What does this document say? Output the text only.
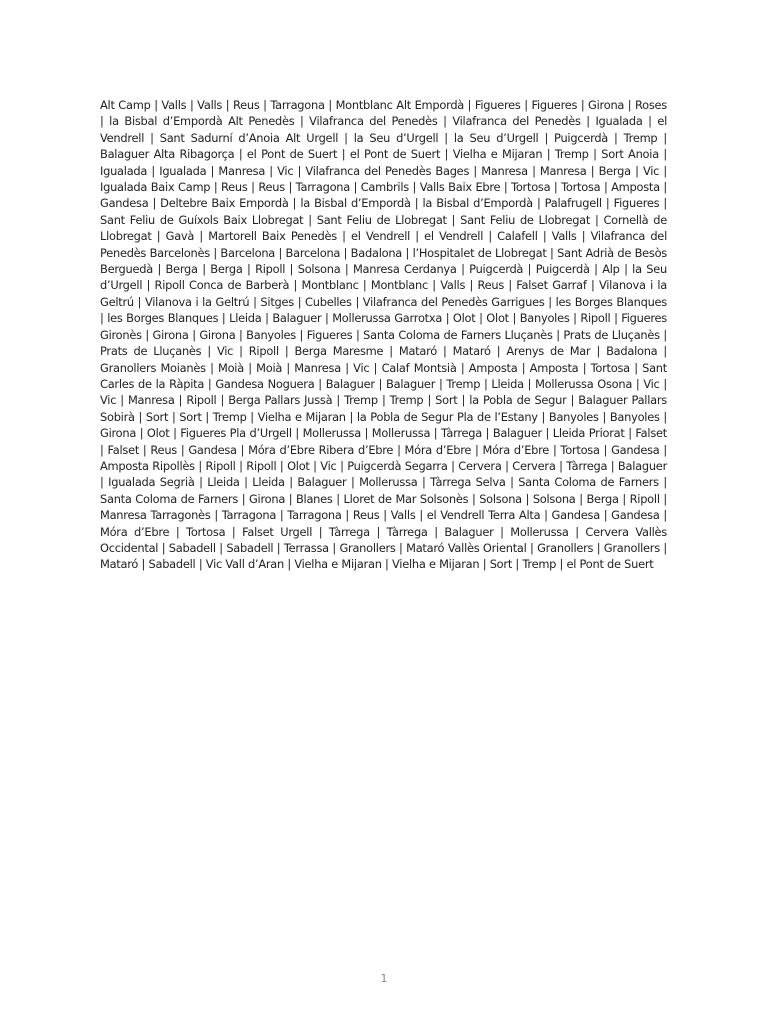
Alt Camp | Valls | Valls | Reus | Tarragona | Montblanc Alt Empordà | Figueres | Figueres | Girona | Roses | la Bisbal d’Empordà Alt Penedès | Vilafranca del Penedès | Vilafranca del Penedès | Igualada | el Vendrell | Sant Sadurní d’Anoia Alt Urgell | la Seu d’Urgell | la Seu d’Urgell | Puigcerdà | Tremp | Balaguer Alta Ribagorça | el Pont de Suert | el Pont de Suert | Vielha e Mijaran | Tremp | Sort Anoia | Igualada | Igualada | Manresa | Vic | Vilafranca del Penedès Bages | Manresa | Manresa | Berga | Vic | Igualada Baix Camp | Reus | Reus | Tarragona | Cambrils | Valls Baix Ebre | Tortosa | Tortosa | Amposta | Gandesa | Deltebre Baix Empordà | la Bisbal d’Empordà | la Bisbal d’Empordà | Palafrugell | Figueres | Sant Feliu de Guíxols Baix Llobregat | Sant Feliu de Llobregat | Sant Feliu de Llobregat | Cornellà de Llobregat | Gavà | Martorell Baix Penedès | el Vendrell | el Vendrell | Calafell | Valls | Vilafranca del Penedès Barcelonès | Barcelona | Barcelona | Badalona | l’Hospitalet de Llobregat | Sant Adrià de Besòs Berguedà | Berga | Berga | Ripoll | Solsona | Manresa Cerdanya | Puigcerdà | Puigcerdà | Alp | la Seu d’Urgell | Ripoll Conca de Barberà | Montblanc | Montblanc | Valls | Reus | Falset Garraf | Vilanova i la Geltrú | Vilanova i la Geltrú | Sitges | Cubelles | Vilafranca del Penedès Garrigues | les Borges Blanques | les Borges Blanques | Lleida | Balaguer | Mollerussa Garrotxa | Olot | Olot | Banyoles | Ripoll | Figueres Gironès | Girona | Girona | Banyoles | Figueres | Santa Coloma de Farners Lluçanès | Prats de Lluçanès | Prats de Lluçanès | Vic | Ripoll | Berga Maresme | Mataró | Mataró | Arenys de Mar | Badalona | Granollers Moianès | Moià | Moià | Manresa | Vic | Calaf Montsià | Amposta | Amposta | Tortosa | Sant Carles de la Ràpita | Gandesa Noguera | Balaguer | Balaguer | Tremp | Lleida | Mollerussa Osona | Vic | Vic | Manresa | Ripoll | Berga Pallars Jussà | Tremp | Tremp | Sort | la Pobla de Segur | Balaguer Pallars Sobirà | Sort | Sort | Tremp | Vielha e Mijaran | la Pobla de Segur Pla de l’Estany | Banyoles | Banyoles | Girona | Olot | Figueres Pla d’Urgell | Mollerussa | Mollerussa | Tàrrega | Balaguer | Lleida Priorat | Falset | Falset | Reus | Gandesa | Móra d’Ebre Ribera d’Ebre | Móra d’Ebre | Móra d’Ebre | Tortosa | Gandesa | Amposta Ripollès | Ripoll | Ripoll | Olot | Vic | Puigcerdà Segarra | Cervera | Cervera | Tàrrega | Balaguer | Igualada Segrià | Lleida | Lleida | Balaguer | Mollerussa | Tàrrega Selva | Santa Coloma de Farners | Santa Coloma de Farners | Girona | Blanes | Lloret de Mar Solsonès | Solsona | Solsona | Berga | Ripoll | Manresa Tarragonès | Tarragona | Tarragona | Reus | Valls | el Vendrell Terra Alta | Gandesa | Gandesa | Móra d’Ebre | Tortosa | Falset Urgell | Tàrrega | Tàrrega | Balaguer | Mollerussa | Cervera Vallès Occidental | Sabadell | Sabadell | Terrassa | Granollers | Mataró Vallès Oriental | Granollers | Granollers | Mataró | Sabadell | Vic Vall d’Aran | Vielha e Mijaran | Vielha e Mijaran | Sort | Tremp | el Pont de Suert

1
